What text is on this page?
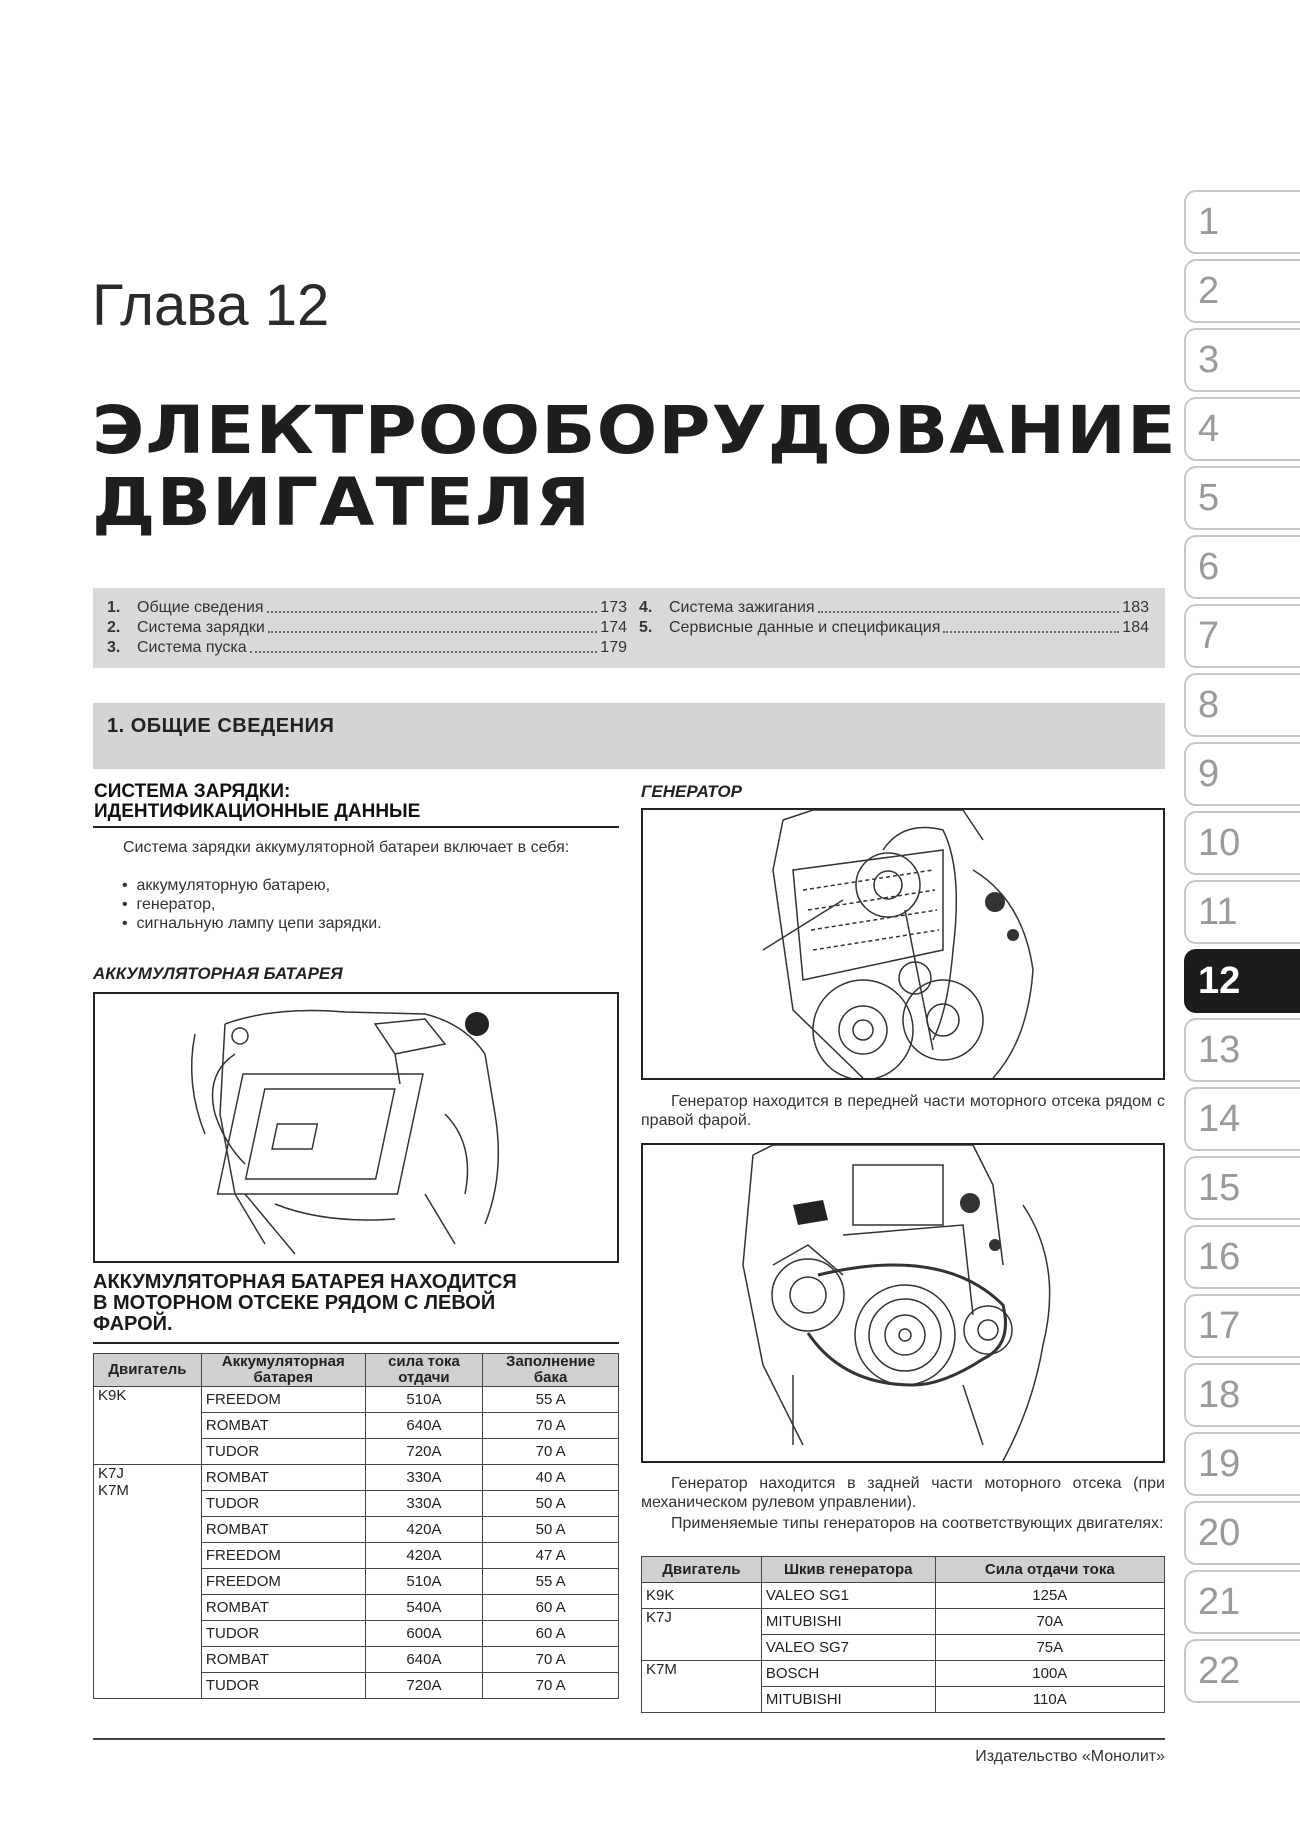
Глава 12
ЭЛЕКТРООБОРУДОВАНИЕ
ДВИГАТЕЛЯ
1.	Общие сведения	173
2.	Система зарядки	174
3.	Система пуска	179
4.	Система зажигания	183
5.	Сервисные данные и спецификация	184
1. ОБЩИЕ СВЕДЕНИЯ
СИСТЕМА ЗАРЯДКИ:
ИДЕНТИФИКАЦИОННЫЕ ДАННЫЕ
Система зарядки аккумуляторной батареи включает в себя:
•  аккумуляторную батарею,
•  генератор,
•  сигнальную лампу цепи зарядки.
АККУМУЛЯТОРНАЯ БАТАРЕЯ
АККУМУЛЯТОРНАЯ БАТАРЕЯ НАХОДИТСЯ
В МОТОРНОМ ОТСЕКЕ РЯДОМ С ЛЕВОЙ
ФАРОЙ.
Двигатель	Аккумуляторная батарея	сила тока отдачи	Заполнение бака

K9K	FREEDOM	510A	55 A
	ROMBAT	640A	70 A
	TUDOR	720A	70 A

K7J
K7M	ROMBAT	330A	40 A
	TUDOR	330A	50 A
	ROMBAT	420A	50 A
	FREEDOM	420A	47 A
	FREEDOM	510A	55 A
	ROMBAT	540A	60 A
	TUDOR	600A	60 A
	ROMBAT	640A	70 A
	TUDOR	720A	70 A
ГЕНЕРАТОР
Генератор находится в передней части моторного отсека рядом с правой фарой.
Генератор находится в задней части моторного отсека (при механическом рулевом управлении).
Применяемые типы генераторов на соответствующих двигателях:
Двигатель	Шкив генератора	Сила отдачи тока
K9K	VALEO SG1	125A
K7J	MITUBISHI	70A
	VALEO SG7	75A
K7M	BOSCH	100A
	MITUBISHI	110A
1
2
3
4
5
6
7
8
9
10
11
12
13
14
15
16
17
18
19
20
21
22
Издательство «Монолит»
